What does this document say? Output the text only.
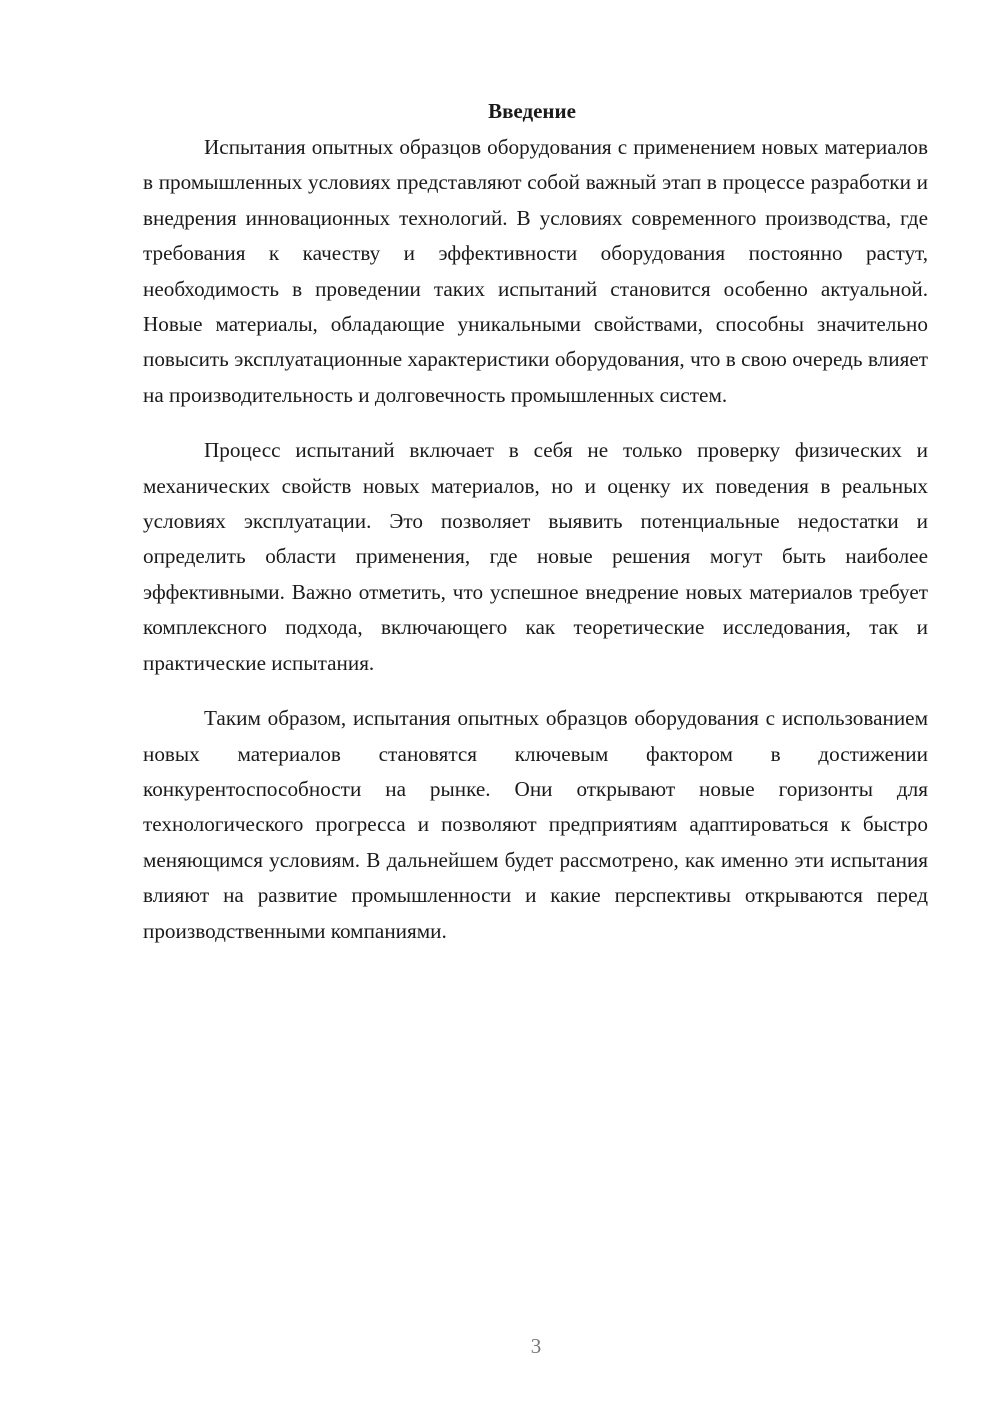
Введение

Испытания опытных образцов оборудования с применением новых материалов в промышленных условиях представляют собой важный этап в процессе разработки и внедрения инновационных технологий. В условиях современного производства, где требования к качеству и эффективности оборудования постоянно растут, необходимость в проведении таких испытаний становится особенно актуальной. Новые материалы, обладающие уникальными свойствами, способны значительно повысить эксплуатационные характеристики оборудования, что в свою очередь влияет на производительность и долговечность промышленных систем.

Процесс испытаний включает в себя не только проверку физических и механических свойств новых материалов, но и оценку их поведения в реальных условиях эксплуатации. Это позволяет выявить потенциальные недостатки и определить области применения, где новые решения могут быть наиболее эффективными. Важно отметить, что успешное внедрение новых материалов требует комплексного подхода, включающего как теоретические исследования, так и практические испытания.

Таким образом, испытания опытных образцов оборудования с использованием новых материалов становятся ключевым фактором в достижении конкурентоспособности на рынке. Они открывают новые горизонты для технологического прогресса и позволяют предприятиям адаптироваться к быстро меняющимся условиям. В дальнейшем будет рассмотрено, как именно эти испытания влияют на развитие промышленности и какие перспективы открываются перед производственными компаниями.

3
